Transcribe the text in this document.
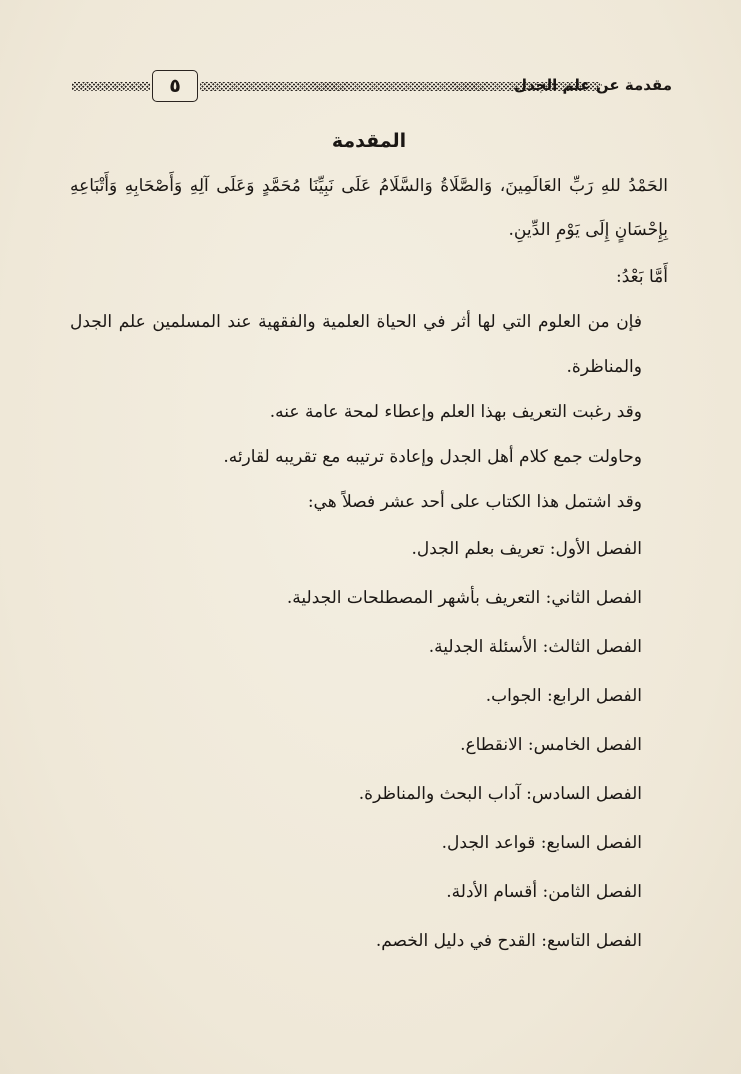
٥	مقدمة عن علم الجدل
المقدمة

الحَمْدُ للهِ رَبِّ العَالَمِينَ، وَالصَّلَاةُ وَالسَّلَامُ عَلَى نَبِيِّنَا مُحَمَّدٍ وَعَلَى آلِهِ وَأَصْحَابِهِ وَأَتْبَاعِهِ بِإِحْسَانٍ إِلَى يَوْمِ الدِّينِ.

أَمَّا بَعْدُ:

فإن من العلوم التي لها أثر في الحياة العلمية والفقهية عند المسلمين علم الجدل والمناظرة.

وقد رغبت التعريف بهذا العلم وإعطاء لمحة عامة عنه.

وحاولت جمع كلام أهل الجدل وإعادة ترتيبه مع تقريبه لقارئه.

وقد اشتمل هذا الكتاب على أحد عشر فصلاً هي:

الفصل الأول: تعريف بعلم الجدل.
الفصل الثاني: التعريف بأشهر المصطلحات الجدلية.
الفصل الثالث: الأسئلة الجدلية.
الفصل الرابع: الجواب.
الفصل الخامس: الانقطاع.
الفصل السادس: آداب البحث والمناظرة.
الفصل السابع: قواعد الجدل.
الفصل الثامن: أقسام الأدلة.
الفصل التاسع: القدح في دليل الخصم.
